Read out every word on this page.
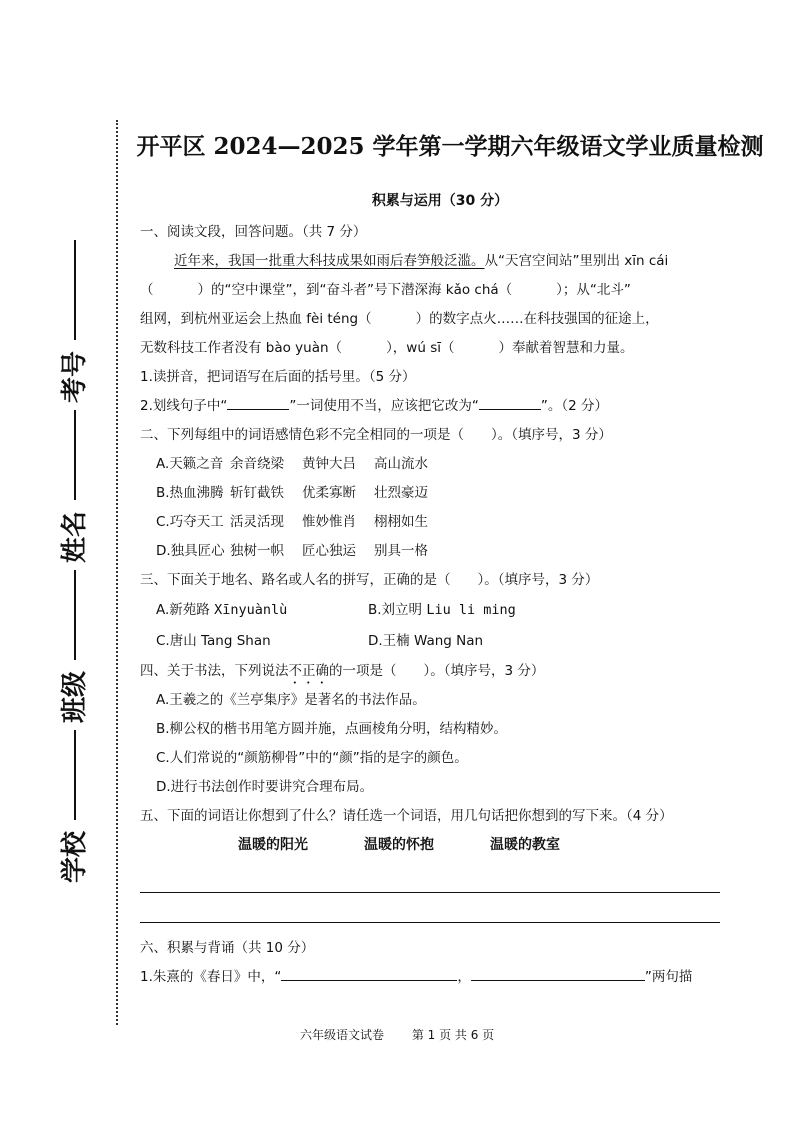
考号
姓名
班级
学校
开平区 2024—2025 学年第一学期六年级语文学业质量检测
积累与运用（30 分）
一、阅读文段，回答问题。（共 7 分）
近年来，我国一批重大科技成果如雨后春笋般泛滥。从“天宫空间站”里别出 xīn cái
（	）的“空中课堂”，到“奋斗者”号下潜深海 kǎo chá（	）；从“北斗”
组网，到杭州亚运会上热血 fèi téng（	）的数字点火……在科技强国的征途上，
无数科技工作者没有 bào yuàn（	），wú sī（	）奉献着智慧和力量。
1.读拼音，把词语写在后面的括号里。（5 分）
2.划线句子中“	”一词使用不当，应该把它改为“	”。（2 分）
二、下列每组中的词语感情色彩不完全相同的一项是（　　）。（填序号，3 分）
A.天籁之音 余音绕梁 黄钟大吕 高山流水
B.热血沸腾 斩钉截铁 优柔寡断 壮烈豪迈
C.巧夺天工 活灵活现 惟妙惟肖 栩栩如生
D.独具匠心 独树一帜 匠心独运 别具一格
三、下面关于地名、路名或人名的拼写，正确的是（　　）。（填序号，3 分）
A.新苑路 Xīnyuànlù	B.刘立明 Liu li ming
C.唐山 Tang Shan	D.王楠 Wang Nan
四、关于书法，下列说法不正确的一项是（　　）。（填序号，3 分）
A.王羲之的《兰亭集序》是著名的书法作品。
B.柳公权的楷书用笔方圆并施，点画棱角分明，结构精妙。
C.人们常说的“颜筋柳骨”中的“颜”指的是字的颜色。
D.进行书法创作时要讲究合理布局。
五、下面的词语让你想到了什么？请任选一个词语，用几句话把你想到的写下来。（4 分）
温暖的阳光	温暖的怀抱	温暖的教室
六、积累与背诵（共 10 分）
1.朱熹的《春日》中，“	，	”两句描
六年级语文试卷 第 1 页 共 6 页
